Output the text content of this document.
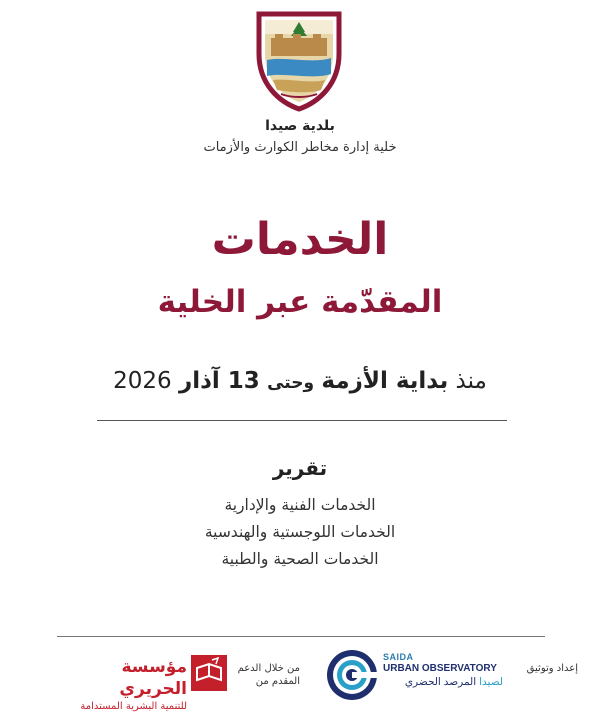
بلدية صيدا
خلية إدارة مخاطر الكوارث والأزمات
الخدمات
المقدّمة عبر الخلية
منذ بداية الأزمة وحتى 13 آذار 2026
تقرير
الخدمات الفنية والإدارية
الخدمات اللوجستية والهندسية
الخدمات الصحية والطبية
إعداد وتوثيق
SAIDA
URBAN OBSERVATORY
لصيدا المرصد الحضري
من خلال الدعم المقدم من
مؤسسة الحريري
للتنمية البشرية المستدامة
